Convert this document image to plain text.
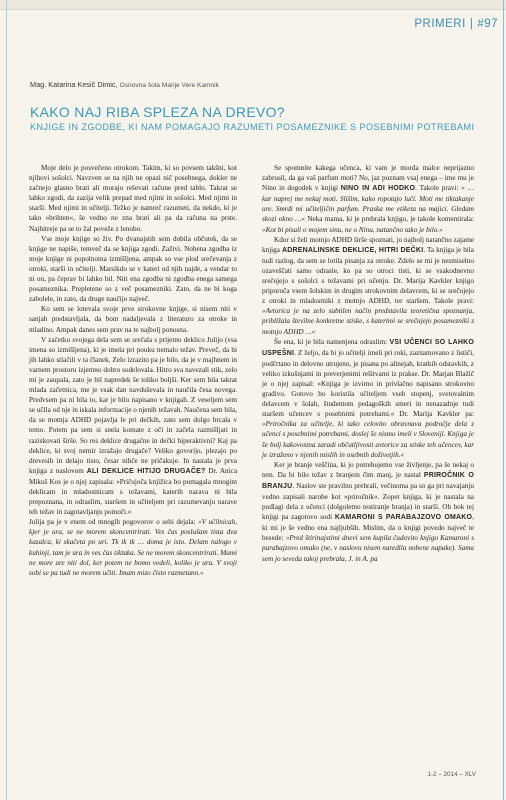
PRIMERI | #97
Mag. Katarina Kesič Dimic, Osnovna šola Marije Vere Kamnik
KAKO NAJ RIBA SPLEZA NA DREVO?
KNJIGE IN ZGODBE, KI NAM POMAGAJO RAZUMETI POSAMEZNIKE S POSEBNIMI POTREBAMI

Moje delo je posvečeno otrokom. Takim, ki so povsem takšni, kot njihovi sošolci. Navzven se na njih ne opazi nič posebnega, dokler ne začnejo glasno brati ali morajo reševati račune pred tablo. Takrat se lahko zgodi, da zazija velik prepad med njimi in sošolci. Med njimi in starši. Med njimi in učitelji. Težko je namreč razumeti, da nekdo, ki je tako »brihten«, še vedno ne zna brati ali pa da računa na prste. Najhitreje pa se to žal poveže z lenobo.

Vse moje knjige so živ. Po dvanajstih sem dobila občutek, da se knjige ne napiše, temveč da se knjiga zgodi. Zaživi. Nobena zgodba iz moje knjige ni popolnoma izmišljena, ampak so vse plod srečevanja z otroki, starši in učitelji. Marsikdo se v kateri od njih najde, a vendar to ni on, pa čeprav bi lahko bil. Niti ena zgodba ni zgodba enega samega posameznika. Prepletene so z več posamezniki. Zato, da ne bi koga zabolele, in zato, da druge naučijo največ.

Ko sem se lotevala svoje prve strokovne knjige, si nisem niti v sanjah predstavljala, da bom nadaljevala z literaturo za otroke in mladino. Ampak danes sem prav na te najbolj ponosna.

V začetku svojega dela sem se srečala s prijetno deklico Julijo (vsa imena so izmišljena), ki je imela pri pouku nemalo težav. Preveč, da bi jih lahko stlačili v ta članek. Zelo izrazito pa je bilo, da je v majhnem in varnem prostoru izjemno dobro sodelovala. Hitro sva navezali stik, zelo mi je zaupala, zato je bil napredek še toliko boljši. Ker sem bila takrat mlada začetnica, me je vsak dan navduševala in naučila česa novega. Predvsem pa ni bila to, kar je bilo napisano v knjigah. Z veseljem sem se učila od nje in iskala informacije o njenih težavah. Naučena sem bila, da se motnja ADHD pojavlja le pri dečkih, zato sem dolgo brcala v temo. Potem pa sem si snela komate z oči in začela razmišljati in raziskovati širše. So res deklice drugačne in dečki hiperaktivni? Kaj pa deklice, ki svoj nemir izražajo drugače? Veliko govorijo, plezajo po drevesih in delajo tisto, česar nihče ne pričakuje. In nastala je prva knjiga z naslovom ALI DEKLICE HITIJO DRUGAČE? Dr. Anica Mikuš Kos je o njej zapisala: »Pričujoča knjižica bo pomagala mnogim deklicam in mladostnicam s težavami, katerih narava ni bila prepoznana, in odraslim, staršem in učiteljem pri razumevanju narave teh težav in zagotavljanju pomoči.«

Julija pa je v enem od mnogih pogovorov o sebi dejala: »V učilnicah, kjer je ura, se ne morem skoncentrirati. Ves čas poslušam tista dva kazalca, ki skačeta po uri. Tk tk tk … doma je isto. Delam nalogo v kuhinji, tam je ura in ves čas tiktaka. Se ne morem skoncentrirati. Mami ne more ure niti dol, ker potem ne bomo vedeli, koliko je ura. V svoji sobi se pa tudi ne morem učiti. Imam mizo čisto razmetano.«

Se spomnite kakega učenca, ki vam je morda malce neprijazno zabrusil, da ga vaš parfum moti? No, jaz poznam vsaj enega – ime mu je Nino in dogodek v knjigi NINO IN ADI HODKO. Takole pravi: » … kar naprej me nekaj moti. Slišim, kako ropotajo luči. Moti me tiktakanje ure. Smrdi mi učiteljičin parfum. Praska me etiketa na majici. Gledam skozi okno …« Neka mama, ki je prebrala knjigo, je takole komentirala: »Kot bi pisali o mojem sinu, ne o Ninu, natančno tako je bilo.«

Kdor si želi motnjo ADHD širše spoznati, jo najbolj natančno zajame knjiga ADRENALINSKE DEKLICE, HITRI DEČKI. Ta knjiga je bila tudi razlog, da sem se lotila pisanja za otroke. Zdelo se mi je nesmiselno ozaveščati samo odrasle, ko pa so otroci tisti, ki se vsakodnevno srečujejo s sošolci s težavami pri učenju. Dr. Marija Kavkler knjigo priporoča vsem šolskim in drugim strokovnim delavcem, ki se srečujejo z otroki in mladostniki z motnjo ADHD, ter staršem. Takole pravi: »Avtorica je na zelo subtilen način predstavila teoretična spoznanja, približala številne konkretne stiske, s katerimi se srečujejo posamezniki z motnjo ADHD …«

Še ena, ki je bila namenjena odraslim: VSI UČENCI SO LAHKO USPEŠNI. Z željo, da bi jo učitelji imeli pri roki, zaznamovano z lističi, podčrtano in delovno utrujeno, je pisana po alinejah, kratkih odstavkih, z veliko izkušnjami in preverjenimi rešitvami iz prakse. Dr. Marjan Blažič je o njej zapisal: »Knjiga je izvirno in privlačno napisano strokovno gradivo. Gotovo bo koristila učiteljem vseh stopenj, svetovalnim delavcem v šolah, študentom pedagoških smeri in nenazadnje tudi staršem učencev s posebnimi potrebami.« Dr. Marija Kavkler pa: »Priročnika za učitelje, ki tako celovito obravnava področje dela z učenci s posebnimi potrebami, doslej še nismo imeli v Sloveniji. Knjiga je še bolj kakovostna zaradi občutljivosti avtorice za stiske teh učencev, kar je izraženo v njenih mislih in osebnih doživetjih.«

Ker je branje veščina, ki jo potrebujemo vse življenje, pa še nekaj o tem. Da bi bilo težav z branjem čim manj, je nastal PRIROČNIK O BRANJU. Naslov ste pravilno prebrali, večinoma pa so ga pri navajanju vedno zapisali narobe kot »priročnik«. Zopet knjiga, ki je nastala na podlagi dela z učenci (dolgoletno testiranje branja) in starši. Ob bok tej knjigi pa zagotovo sodi KAMARONI S PARABAJZOVO OMAKO, ki mi je še vedno ena najljubših. Mislim, da o knjigi povedo največ te besede: »Pred štirinajstimi dnevi sem kupila čudovito knjigo Kamaroni s parabajzovo omako (ne, v naslovu nisem naredila nobene napake). Sama sem jo seveda takoj prebrala, J. in A. pa

1-2 – 2014 – XLV
